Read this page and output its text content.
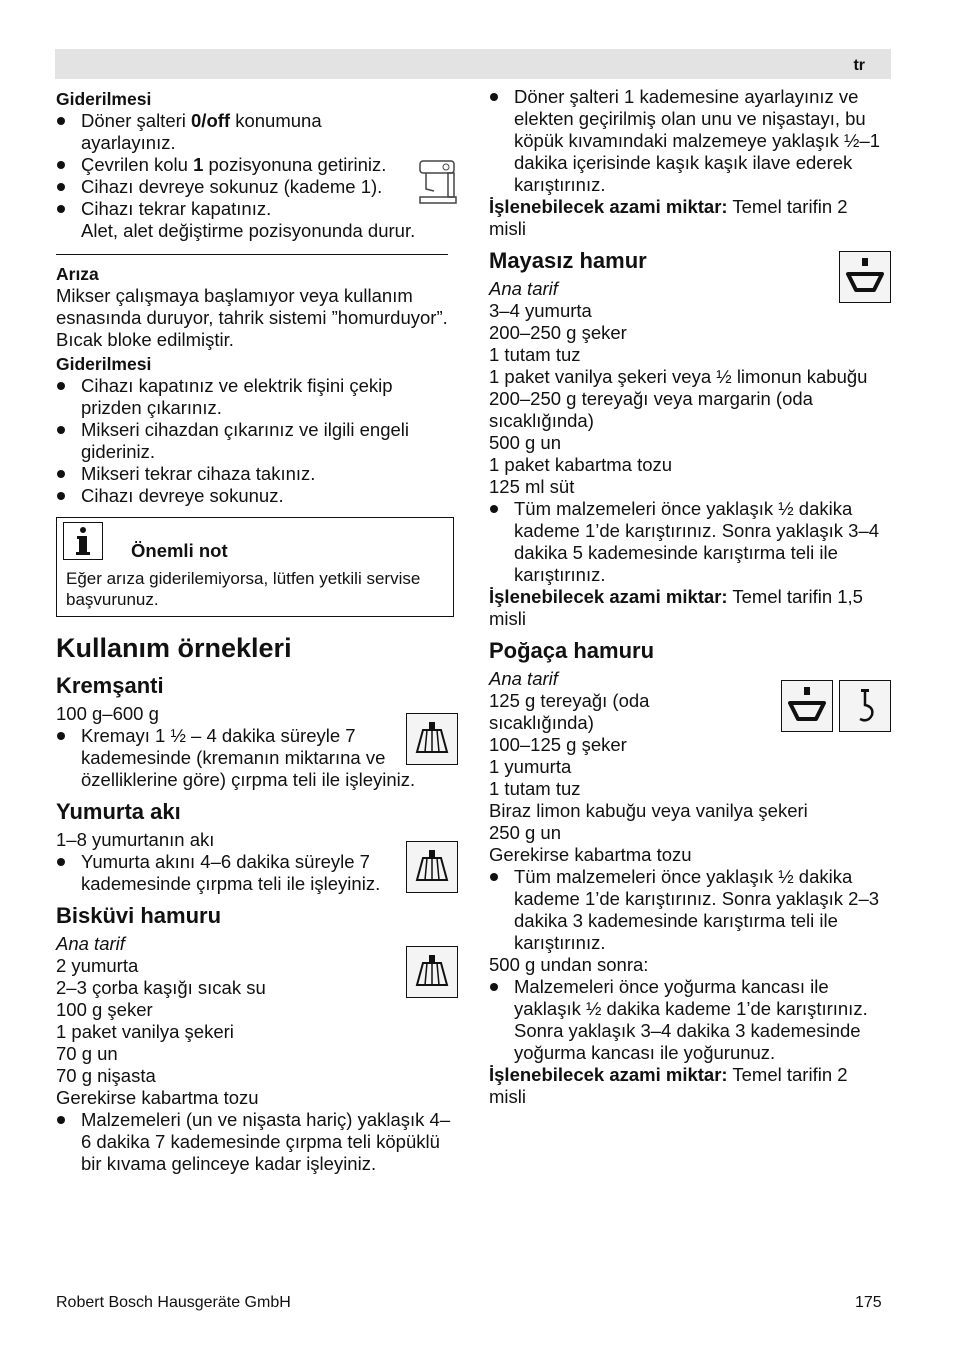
tr

Giderilmesi

Döner şalteri 0/off konumuna ayarlayınız.
Çevrilen kolu 1 pozisyonuna getiriniz.
Cihazı devreye sokunuz (kademe 1).
Cihazı tekrar kapatınız.

Alet, alet değiştirme pozisyonunda durur.

Arıza

Mikser çalışmaya başlamıyor veya kullanım esnasında duruyor, tahrik sistemi ”homurduyor”. Bıcak bloke edilmiştir.

Giderilmesi

Cihazı kapatınız ve elektrik fişini çekip prizden çıkarınız.
Mikseri cihazdan çıkarınız ve ilgili engeli gideriniz.
Mikseri tekrar cihaza takınız.
Cihazı devreye sokunuz.

Önemli not

Eğer arıza giderilemiyorsa, lütfen yetkili servise başvurunuz.

Kullanım örnekleri
Kremşanti

100 g–600 g

Kremayı 1 ½ – 4 dakika süreyle 7 kademesinde (kremanın miktarına ve özelliklerine göre) çırpma teli ile işleyiniz.
Yumurta akı

1–8 yumurtanın akı

Yumurta akını 4–6 dakika süreyle 7 kademesinde çırpma teli ile işleyiniz.
Bisküvi hamuru

Ana tarif

2 yumurta

2–3 çorba kaşığı sıcak su

100 g şeker

1 paket vanilya şekeri

70 g un

70 g nişasta

Gerekirse kabartma tozu

Malzemeleri (un ve nişasta hariç) yaklaşık 4–6 dakika 7 kademesinde çırpma teli köpüklü bir kıvama gelinceye kadar işleyiniz.
Döner şalteri 1 kademesine ayarlayınız ve elekten geçirilmiş olan unu ve nişastayı, bu köpük kıvamındaki malzemeye yaklaşık ½–1 dakika içerisinde kaşık kaşık ilave ederek karıştırınız.

İşlenebilecek azami miktar: Temel tarifin 2 misli

Mayasız hamur

Ana tarif

3–4 yumurta

200–250 g şeker

1 tutam tuz

1 paket vanilya şekeri veya ½ limonun kabuğu

200–250 g tereyağı veya margarin (oda sıcaklığında)

500 g un

1 paket kabartma tozu

125 ml süt

Tüm malzemeleri önce yaklaşık ½ dakika kademe 1’de karıştırınız. Sonra yaklaşık 3–4 dakika 5 kademesinde karıştırma teli ile karıştırınız.

İşlenebilecek azami miktar: Temel tarifin 1,5 misli

Poğaça hamuru

Ana tarif

125 g tereyağı (oda sıcaklığında)

100–125 g şeker

1 yumurta

1 tutam tuz

Biraz limon kabuğu veya vanilya şekeri

250 g un

Gerekirse kabartma tozu

Tüm malzemeleri önce yaklaşık ½ dakika kademe 1’de karıştırınız. Sonra yaklaşık 2–3 dakika 3 kademesinde karıştırma teli ile karıştırınız.

500 g undan sonra:

Malzemeleri önce yoğurma kancası ile yaklaşık ½ dakika kademe 1’de karıştırınız. Sonra yaklaşık 3–4 dakika 3 kademesinde yoğurma kancası ile yoğurunuz.

İşlenebilecek azami miktar: Temel tarifin 2 misli

Robert Bosch Hausgeräte GmbH	175
